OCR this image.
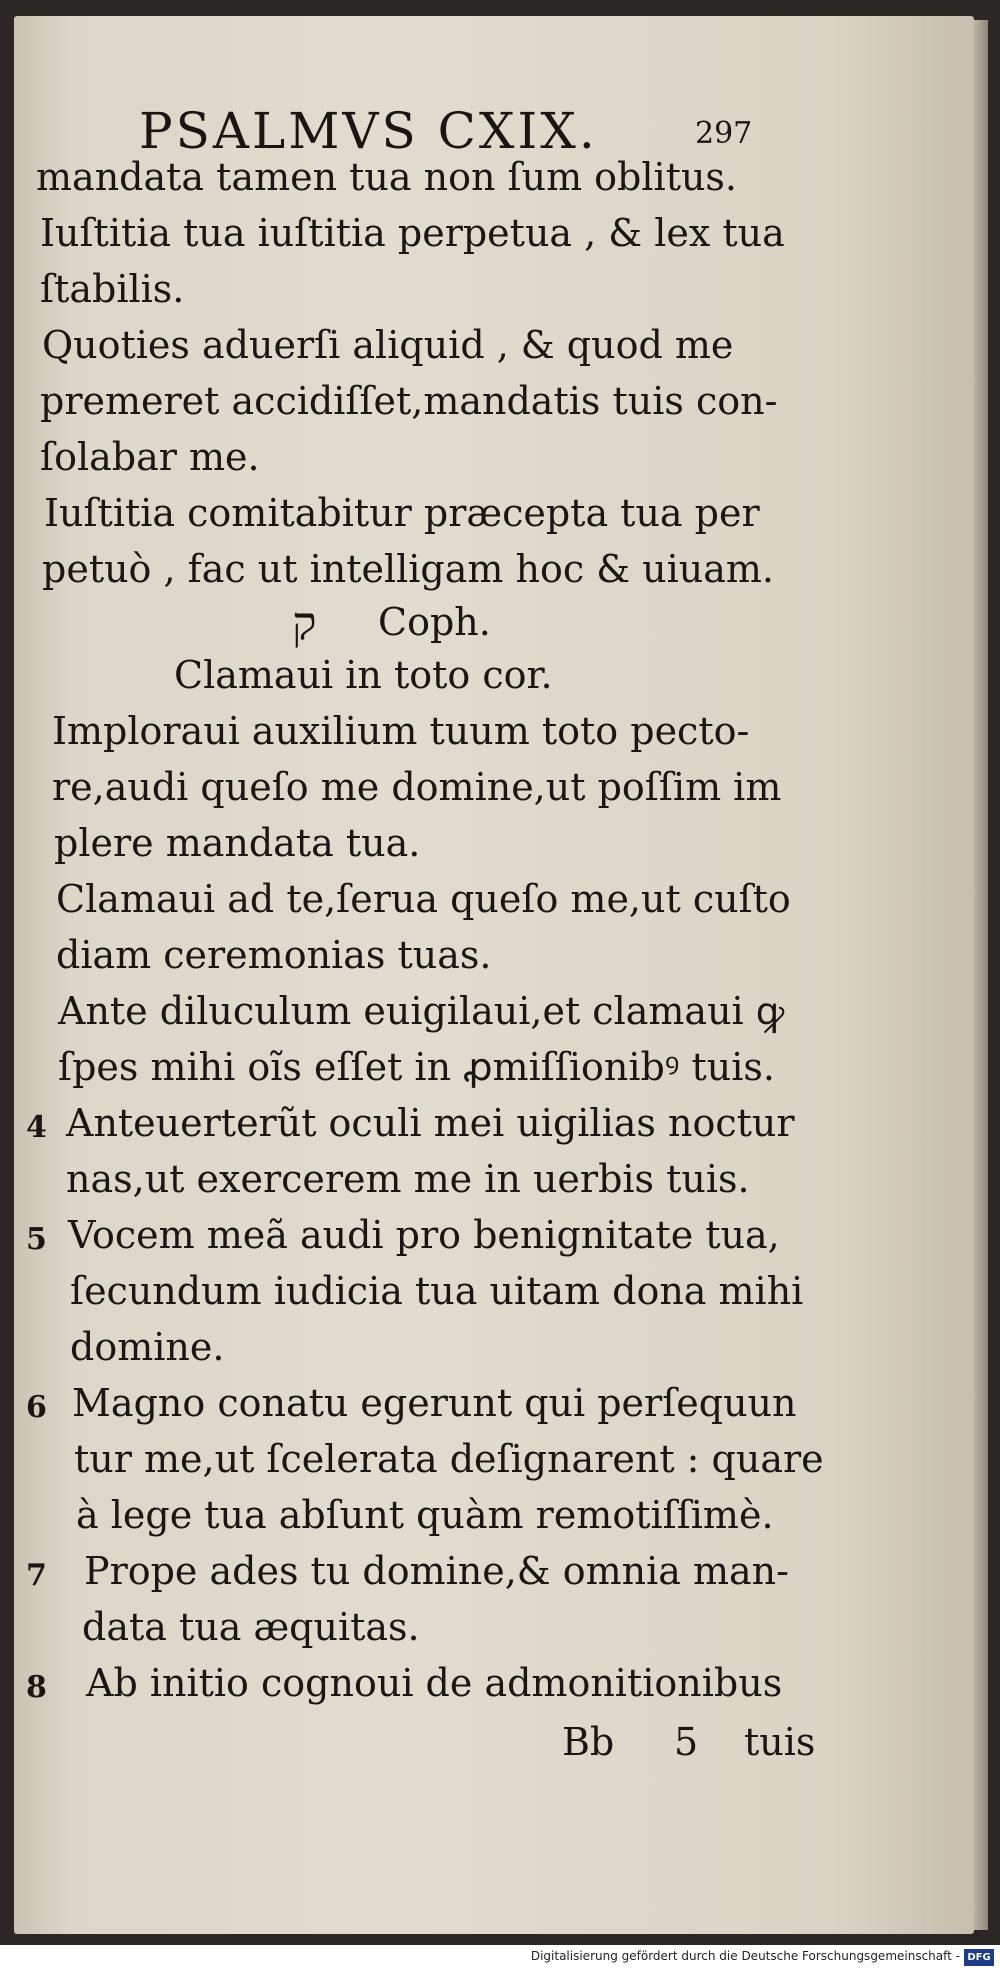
PSALMVS CXIX.	297
mandata tamen tua non ſum oblitus.
Iuſtitia tua iuſtitia perpetua , & lex tua
ſtabilis.
Quoties aduerſi aliquid , & quod me
premeret accidiſſet,mandatis tuis con-
ſolabar me.
Iuſtitia comitabitur præcepta tua per
petuò , fac ut intelligam hoc & uiuam.
ק Coph.
Clamaui in toto cor.
Imploraui auxilium tuum toto pecto-
re,audi queſo me domine,ut poſſim im
plere mandata tua.
Clamaui ad te,ſerua queſo me,ut cuſto
diam ceremonias tuas.
Ante diluculum euigilaui,et clamaui ꝙ
ſpes mihi oĩs eſſet in ꝓmiſſionibꝰ tuis.
4 Anteuerterũt oculi mei uigilias noctur
nas,ut exercerem me in uerbis tuis.
5 Vocem meã audi pro benignitate tua,
ſecundum iudicia tua uitam dona mihi
domine.
6 Magno conatu egerunt qui perſequun
tur me,ut ſcelerata deſignarent : quare
à lege tua abſunt quàm remotiſſimè.
7 Prope ades tu domine,& omnia man-
data tua æquitas.
8 Ab initio cognoui de admonitionibus
Bb 5 tuis
Digitalisierung gefördert durch die Deutsche Forschungsgemeinschaft - DFG
